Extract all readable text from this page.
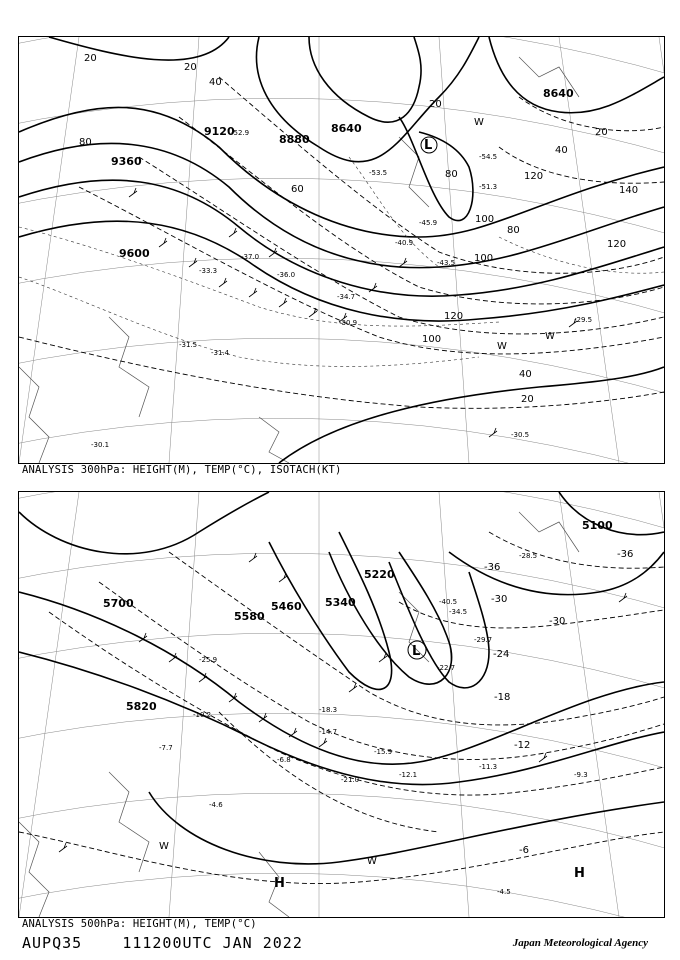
9120
9360
9600
8880
8640
8640
20
20
40
60
80
80
100
120
140
100
120
120
100
80
40
20
20
40
20
-31.5
-31.4
-30.1
-30.5
-34.7
-36.0
-40.9
-43.5
-45.9
-52.9
-53.5
-54.5
-51.3
-29.5
-30.9
-33.3
-37.0
L
W
W
W
ANALYSIS 300hPa: HEIGHT(M), TEMP(°C), ISOTACH(KT)
5700
5820
5580
5460 5340
5220
5100
-36
-30
-30
-24
-18
-12
-6
-36
-40.5
-34.5
-29.7
-22.7
-15.9
-12.1
-11.3
-9.3
-4.5
-4.6
-6.8
-7.7
-10.2
-14.7
-18.3
-21.0
-25.9
-28.5
L
W
W
H
H
ANALYSIS 500hPa: HEIGHT(M), TEMP(°C)
AUPQ35	111200UTC JAN 2022	Japan Meteorological Agency
